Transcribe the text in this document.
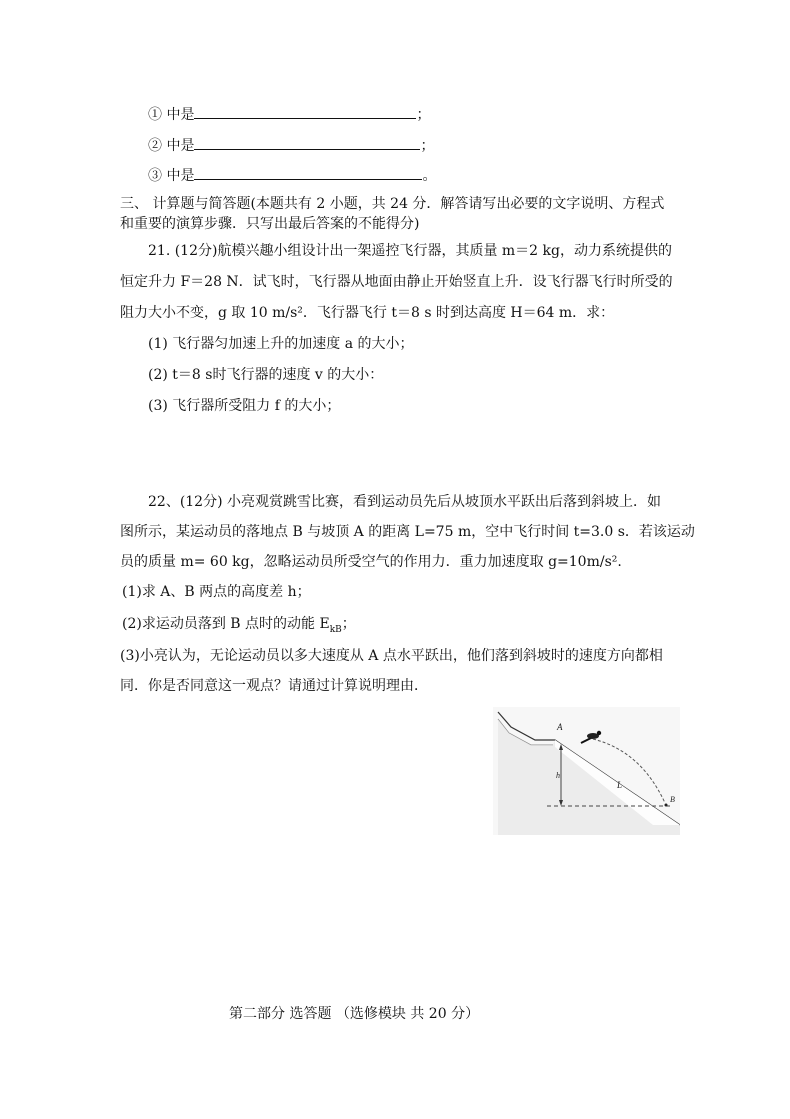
① 中是	；
② 中是	；
③ 中是	。
三、 计算题与简答题(本题共有 2 小题，共 24 分．解答请写出必要的文字说明、方程式
和重要的演算步骤．只写出最后答案的不能得分)
21. (12分)航模兴趣小组设计出一架遥控飞行器，其质量 m＝2 kg，动力系统提供的
恒定升力 F＝28 N．试飞时，飞行器从地面由静止开始竖直上升．设飞行器飞行时所受的
阻力大小不变，g 取 10 m/s²．飞行器飞行 t＝8 s 时到达高度 H＝64 m．求：
(1) 飞行器匀加速上升的加速度 a 的大小；
(2) t＝8 s时飞行器的速度 v 的大小：
(3) 飞行器所受阻力 f 的大小；
22、(12分) 小亮观赏跳雪比赛，看到运动员先后从坡顶水平跃出后落到斜坡上．如
图所示，某运动员的落地点 B 与坡顶 A 的距离 L=75 m，空中飞行时间 t=3.0 s．若该运动
员的质量 m= 60 kg，忽略运动员所受空气的作用力．重力加速度取 g=10m/s².
(1)求 A、B 两点的高度差 h；
(2)求运动员落到 B 点时的动能 $E_{kB}$；
(3)小亮认为，无论运动员以多大速度从 A 点水平跃出，他们落到斜坡时的速度方向都相
同．你是否同意这一观点？请通过计算说明理由．
A
h
L
B
第二部分 选答题 （选修模块 共 20 分）
